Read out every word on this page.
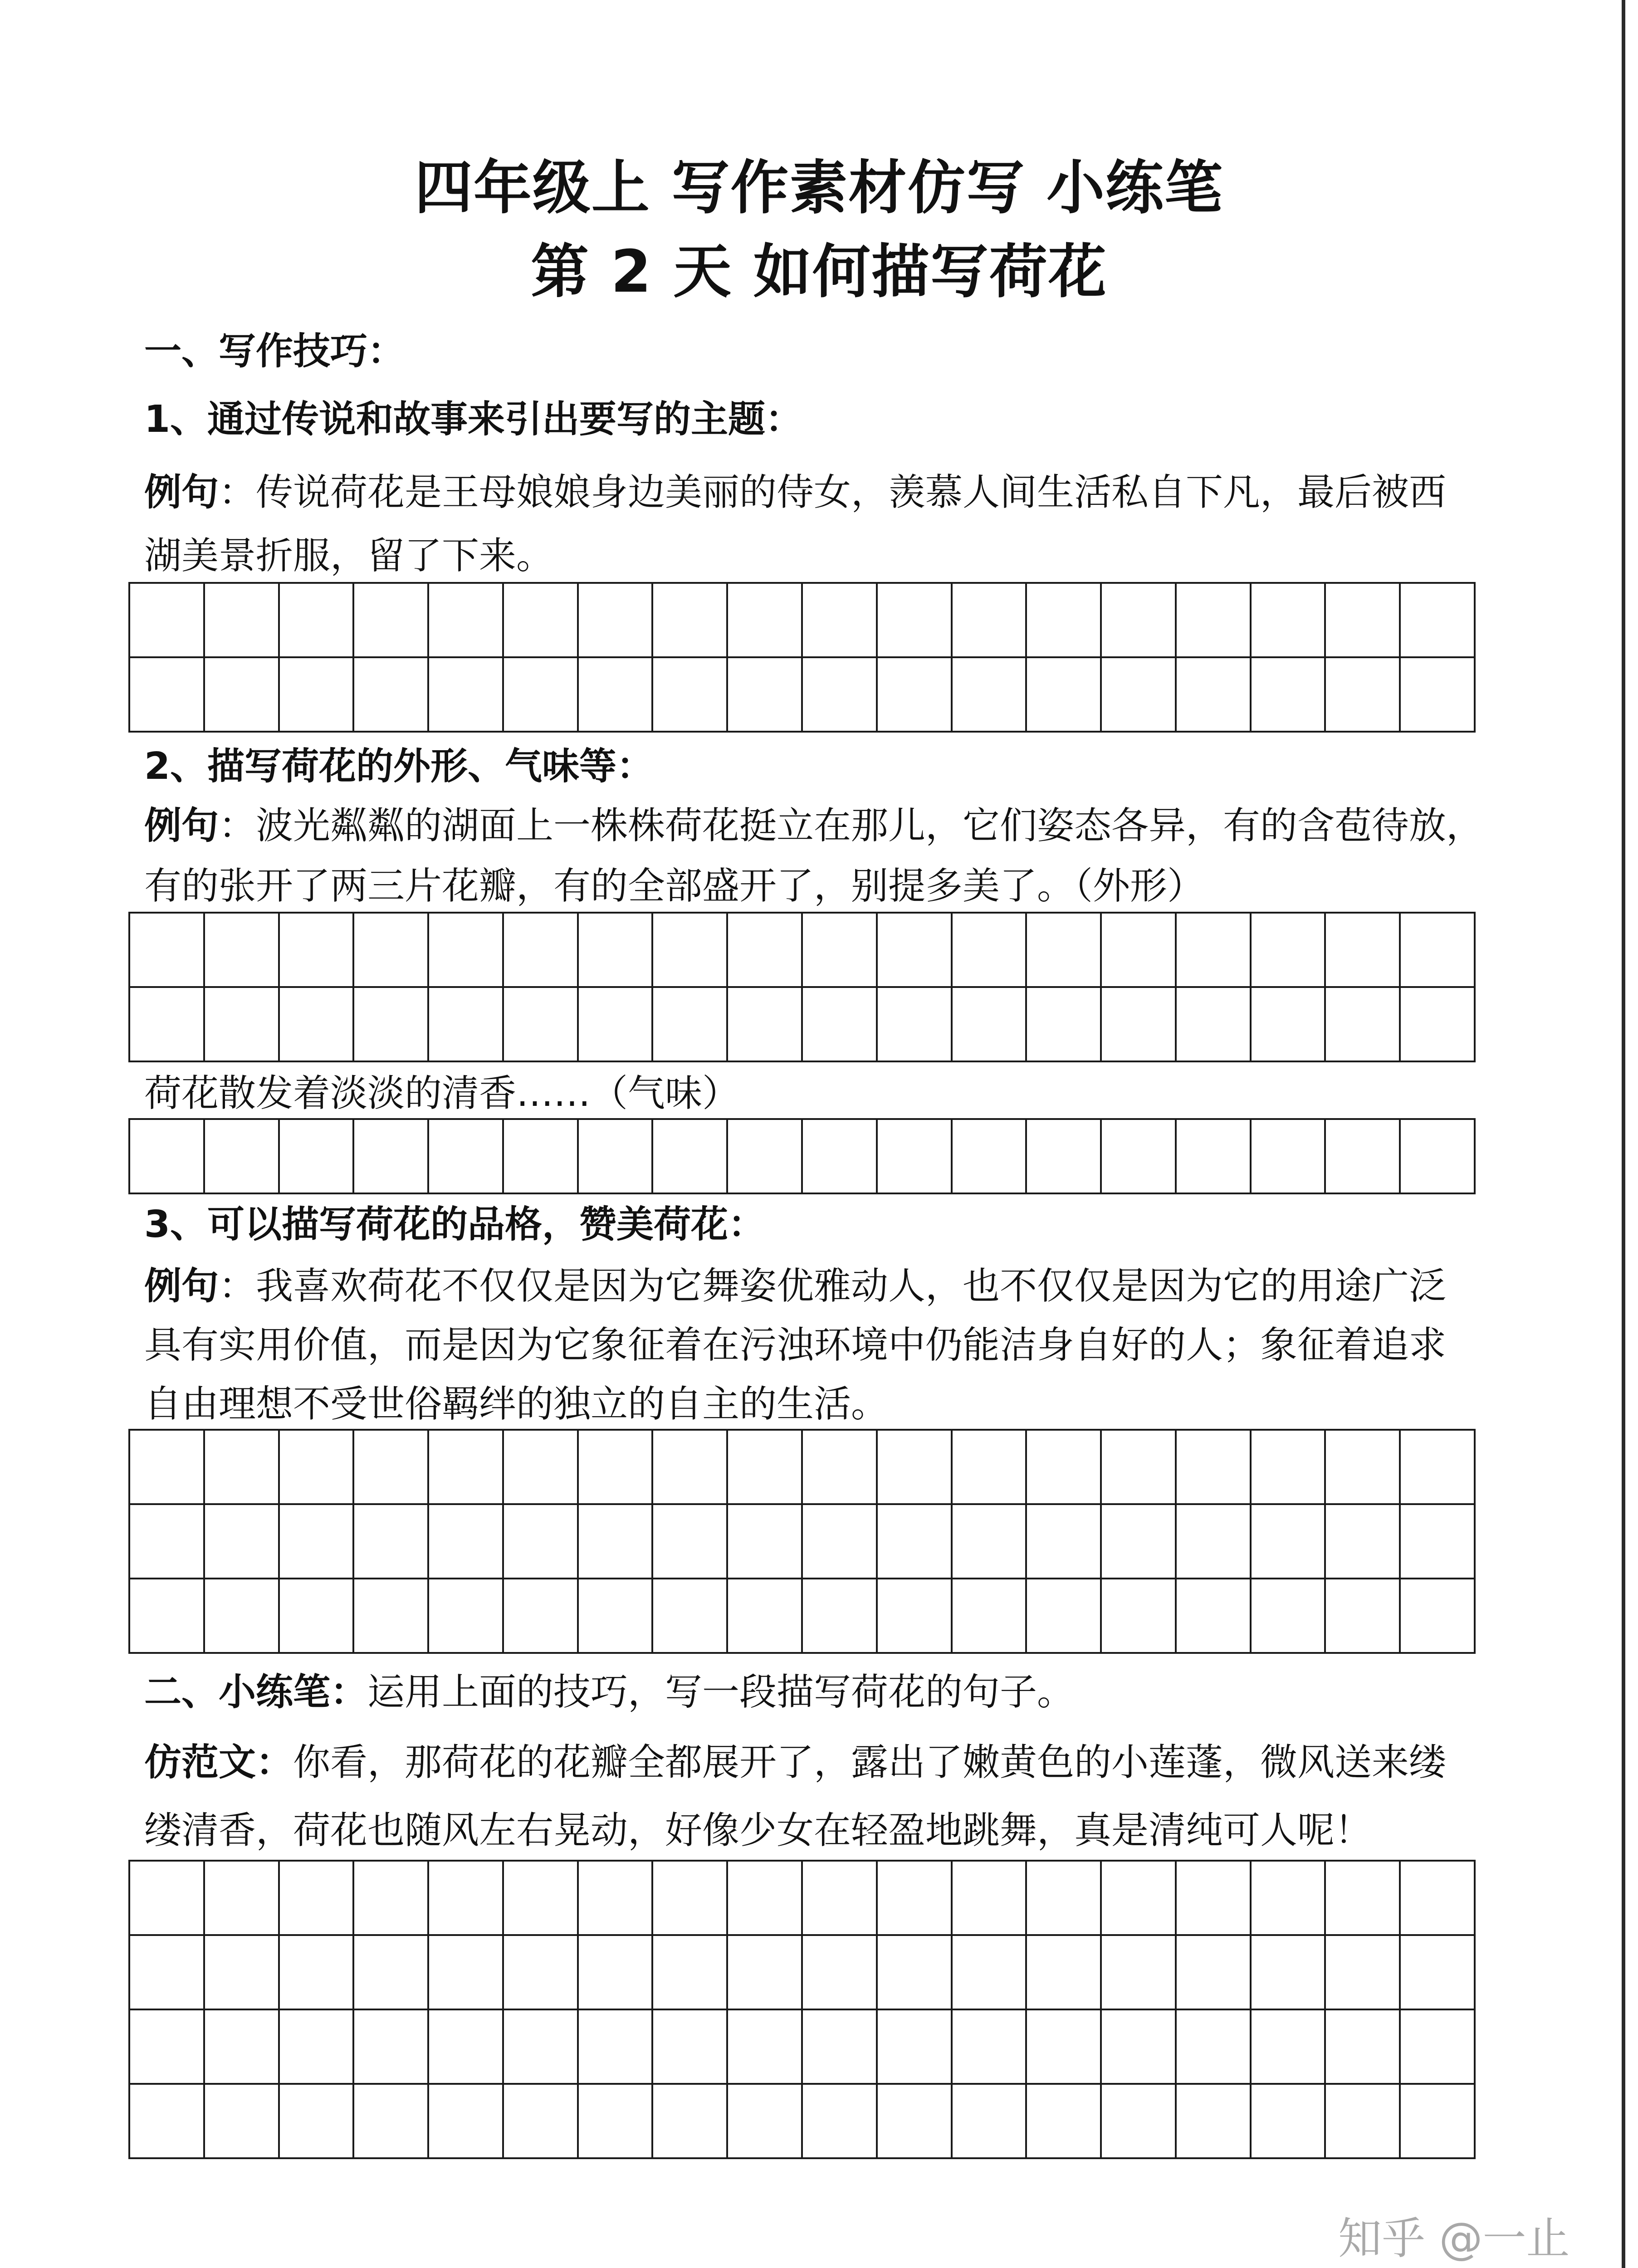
四年级上 写作素材仿写 小练笔
第 2 天 如何描写荷花
一、写作技巧：
1、通过传说和故事来引出要写的主题：
例句：传说荷花是王母娘娘身边美丽的侍女，羡慕人间生活私自下凡，最后被西
湖美景折服，留了下来。
2、描写荷花的外形、气味等：
例句：波光粼粼的湖面上一株株荷花挺立在那儿，它们姿态各异，有的含苞待放，
有的张开了两三片花瓣，有的全部盛开了，别提多美了。（外形）
荷花散发着淡淡的清香……（气味）
3、可以描写荷花的品格，赞美荷花：
例句：我喜欢荷花不仅仅是因为它舞姿优雅动人，也不仅仅是因为它的用途广泛
具有实用价值，而是因为它象征着在污浊环境中仍能洁身自好的人；象征着追求
自由理想不受世俗羁绊的独立的自主的生活。
二、小练笔：运用上面的技巧，写一段描写荷花的句子。
仿范文：你看，那荷花的花瓣全都展开了，露出了嫩黄色的小莲蓬，微风送来缕
缕清香，荷花也随风左右晃动，好像少女在轻盈地跳舞，真是清纯可人呢！
知乎 @一止
